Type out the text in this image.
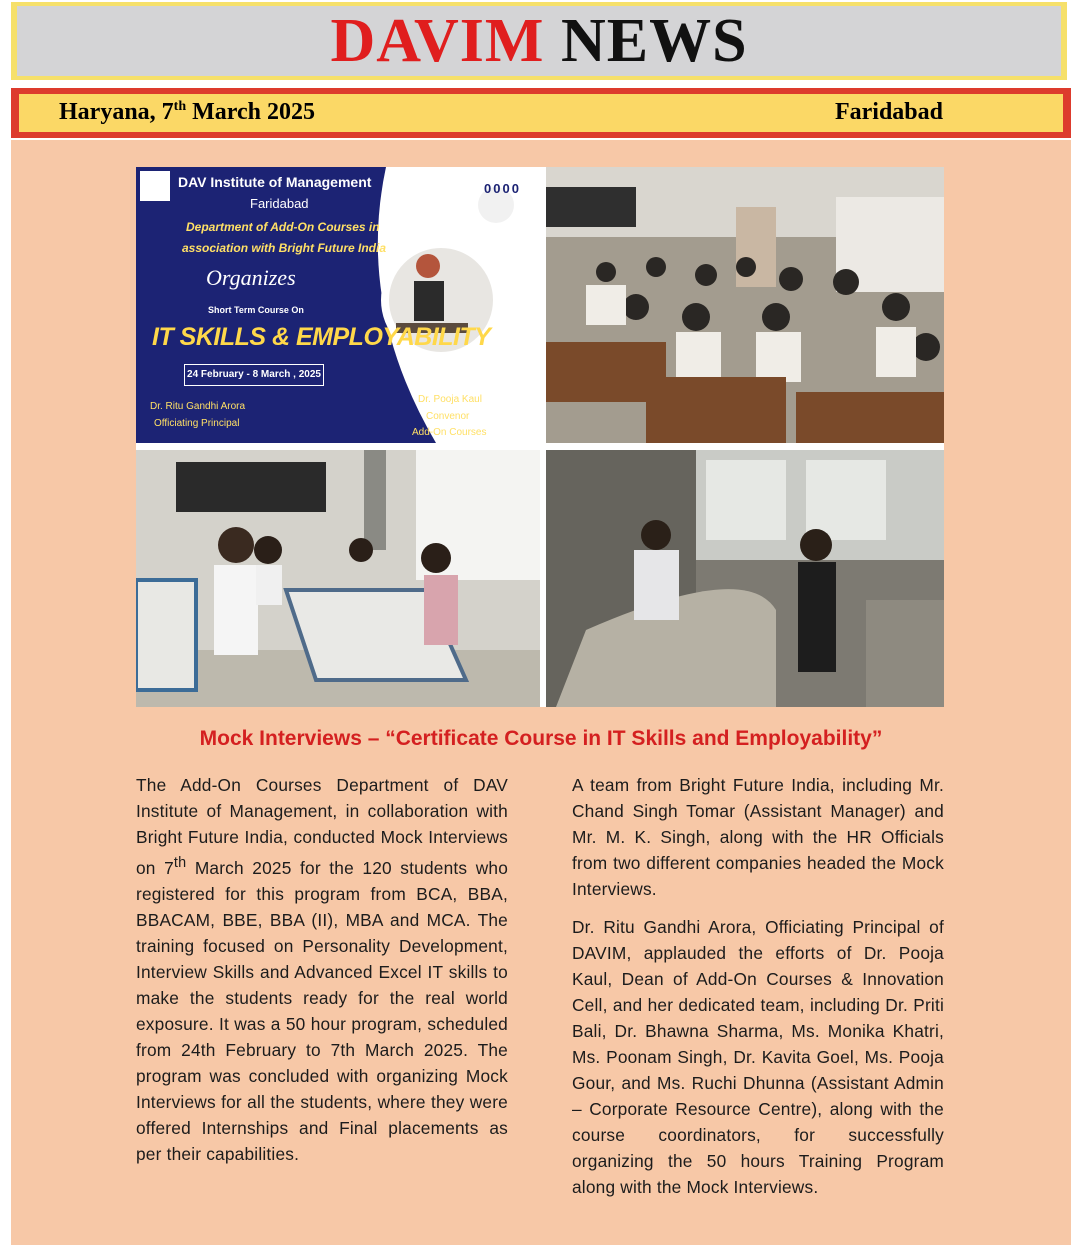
DAVIM NEWS
Haryana, 7th March 2025	Faridabad
DAV Institute of Management
Faridabad
Department of Add-On Courses in
association with Bright Future India
Organizes
Short Term Course On
IT SKILLS & EMPLOYABILITY
24 February - 8 March , 2025
Dr. Ritu Gandhi Arora
Officiating Principal
Dr. Pooja Kaul
Convenor
Add-On Courses
0000
Mock Interviews – “Certificate Course in IT Skills and Employability”

The Add-On Courses Department of DAV Institute of Management, in collaboration with Bright Future India, conducted Mock Interviews on 7th March 2025 for the 120 students who registered for this program from BCA, BBA, BBACAM, BBE, BBA (II), MBA and MCA. The training focused on Personality Development, Interview Skills and Advanced Excel IT skills to make the students ready for the real world exposure. It was a 50 hour program, scheduled from 24th February to 7th March 2025. The program was concluded with organizing Mock Interviews for all the students, where they were offered Internships and Final placements as per their capabilities.

A team from Bright Future India, including Mr. Chand Singh Tomar (Assistant Manager) and Mr. M. K. Singh, along with the HR Officials from two different companies headed the Mock Interviews.

Dr. Ritu Gandhi Arora, Officiating Principal of DAVIM, applauded the efforts of Dr. Pooja Kaul, Dean of Add-On Courses & Innovation Cell, and her dedicated team, including Dr. Priti Bali, Dr. Bhawna Sharma, Ms. Monika Khatri, Ms. Poonam Singh, Dr. Kavita Goel, Ms. Pooja Gour, and Ms. Ruchi Dhunna (Assistant Admin – Corporate Resource Centre), along with the course coordinators, for successfully organizing the 50 hours Training Program along with the Mock Interviews.
